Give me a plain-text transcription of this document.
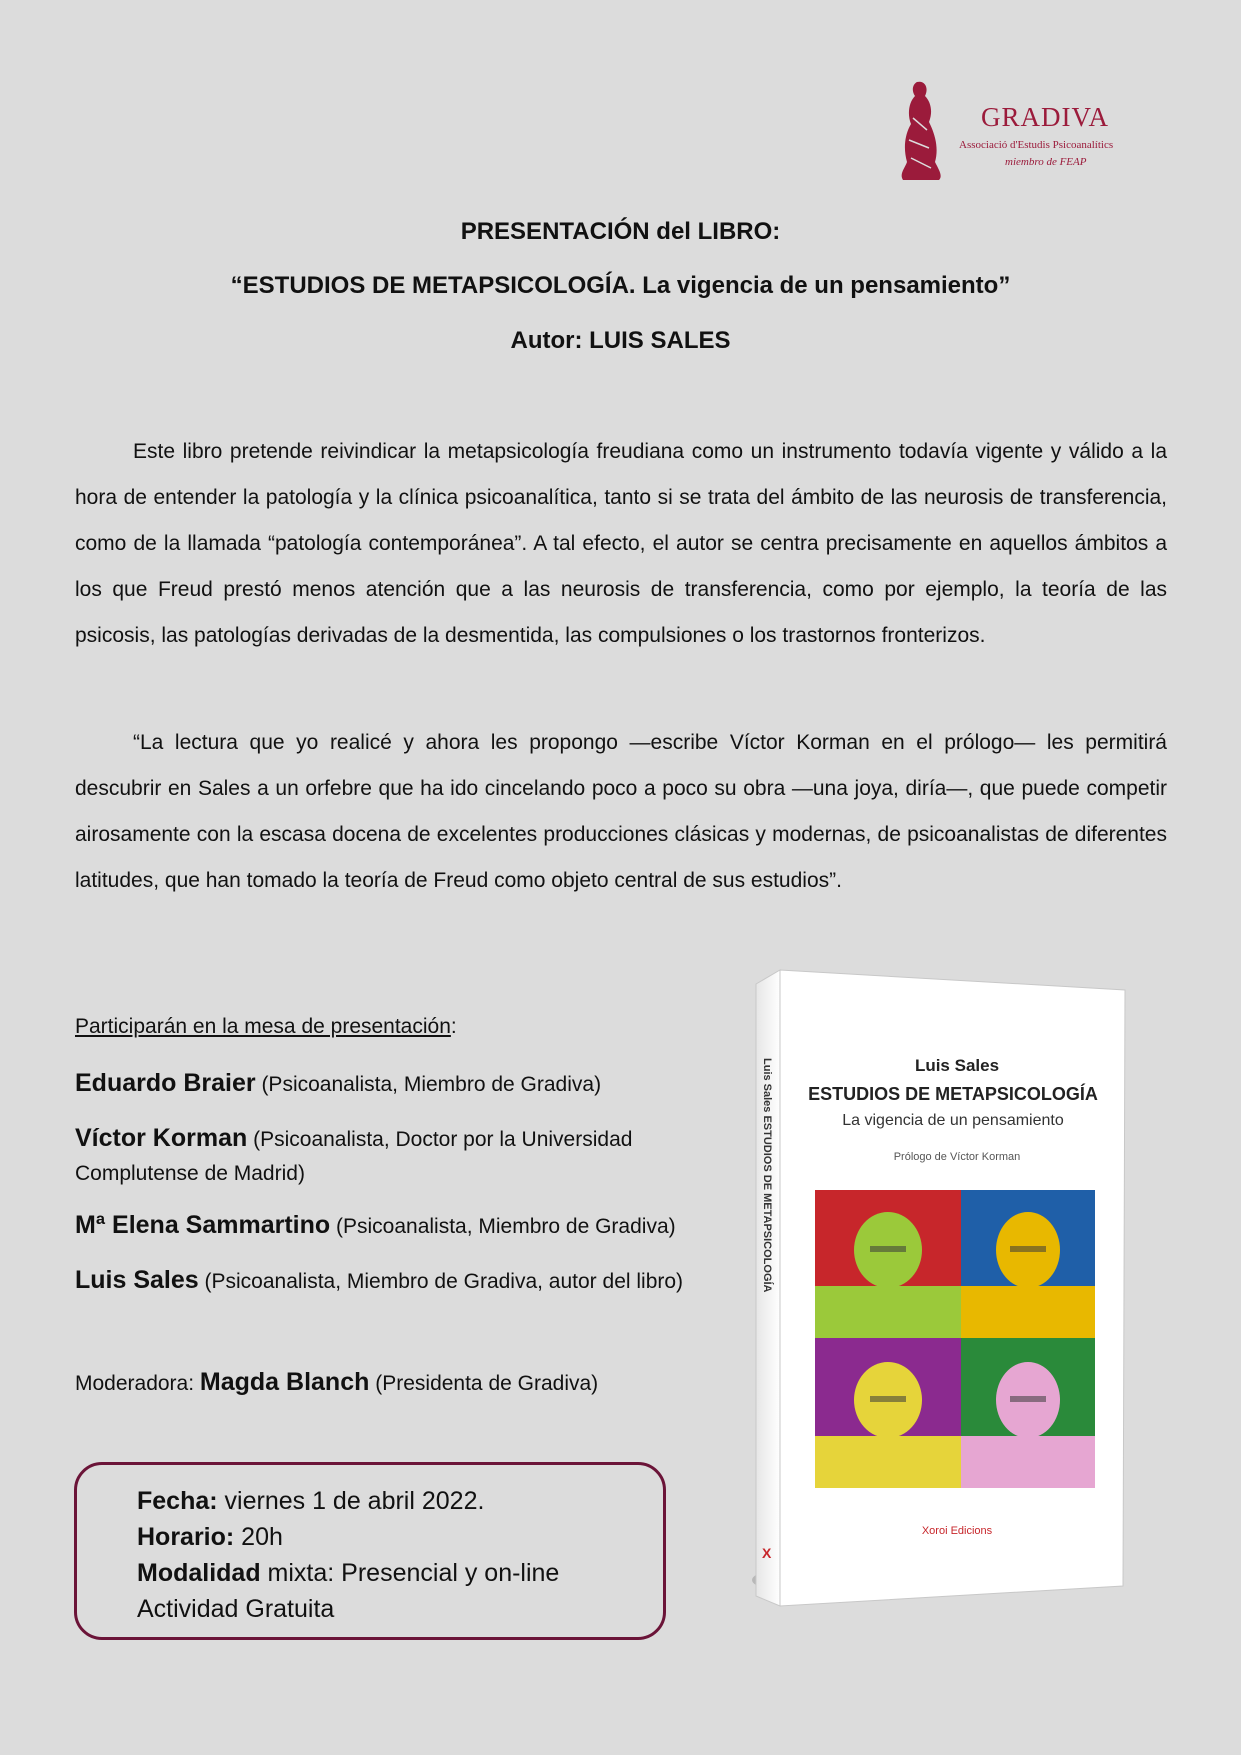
GRADIVA
Associació d'Estudis Psicoanalítics
miembro de FEAP
PRESENTACIÓN del LIBRO:
“ESTUDIOS DE METAPSICOLOGÍA. La vigencia de un pensamiento”
Autor: LUIS SALES
Este libro pretende reivindicar la metapsicología freudiana como un instrumento todavía vigente y válido a la hora de entender la patología y la clínica psicoanalítica, tanto si se trata del ámbito de las neurosis de transferencia, como de la llamada “patología contemporánea”. A tal efecto, el autor se centra precisamente en aquellos ámbitos a los que Freud prestó menos atención que a las neurosis de transferencia, como por ejemplo, la teoría de las psicosis, las patologías derivadas de la desmentida, las compulsiones o los trastornos fronterizos.
“La lectura que yo realicé y ahora les propongo —escribe Víctor Korman en el prólogo— les permitirá descubrir en Sales a un orfebre que ha ido cincelando poco a poco su obra —una joya, diría—, que puede competir airosamente con la escasa docena de excelentes producciones clásicas y modernas, de psicoanalistas de diferentes latitudes, que han tomado la teoría de Freud como objeto central de sus estudios”.
Participarán en la mesa de presentación:
Eduardo Braier (Psicoanalista, Miembro de Gradiva)
Víctor Korman (Psicoanalista, Doctor por la Universidad Complutense de Madrid)
Mª Elena Sammartino (Psicoanalista, Miembro de Gradiva)
Luis Sales (Psicoanalista, Miembro de Gradiva, autor del libro)
Moderadora: Magda Blanch (Presidenta de Gradiva)
Fecha: viernes 1 de abril 2022.
Horario: 20h
Modalidad mixta: Presencial y on-line
Actividad Gratuita
Luis Sales ESTUDIOS DE METAPSICOLOGÍA
X
Luis Sales
ESTUDIOS DE METAPSICOLOGÍA
La vigencia de un pensamiento
Prólogo de Víctor Korman
Xoroi Edicions
